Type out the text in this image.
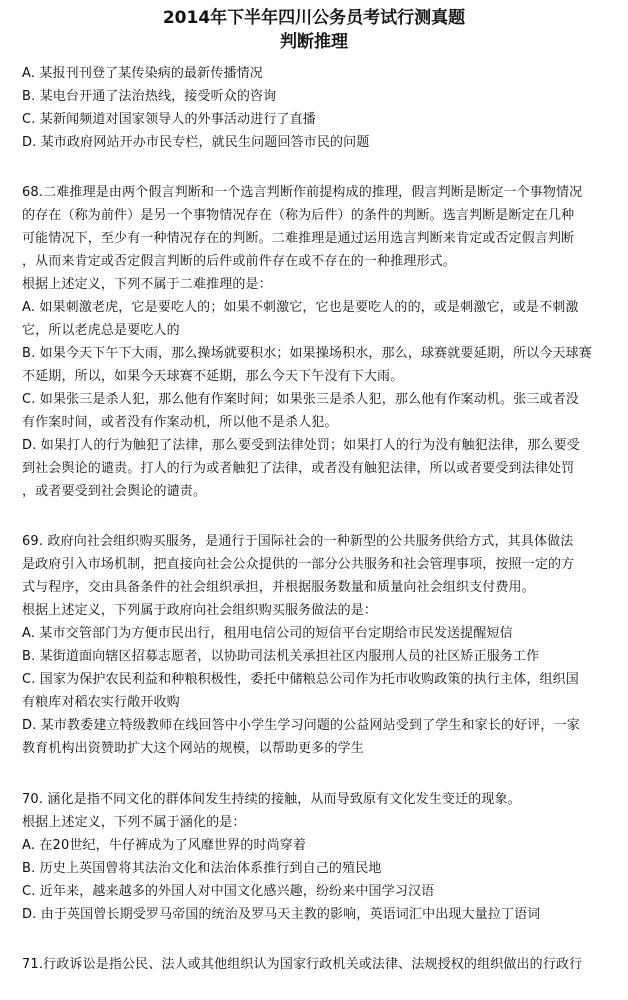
2014年下半年四川公务员考试行测真题
判断推理
A. 某报刊刊登了某传染病的最新传播情况
B. 某电台开通了法治热线，接受听众的咨询
C. 某新闻频道对国家领导人的外事活动进行了直播
D. 某市政府网站开办市民专栏，就民生问题回答市民的问题
68.二难推理是由两个假言判断和一个选言判断作前提构成的推理，假言判断是断定一个事物情况
的存在（称为前件）是另一个事物情况存在（称为后件）的条件的判断。选言判断是断定在几种
可能情况下，至少有一种情况存在的判断。二难推理是通过运用选言判断来肯定或否定假言判断
，从而来肯定或否定假言判断的后件或前件存在或不存在的一种推理形式。
根据上述定义，下列不属于二难推理的是：
A. 如果刺激老虎，它是要吃人的；如果不刺激它，它也是要吃人的的，或是刺激它，或是不刺激
它，所以老虎总是要吃人的
B. 如果今天下午下大雨，那么操场就要积水；如果操场积水，那么，球赛就要延期，所以今天球赛
不延期，所以，如果今天球赛不延期，那么今天下午没有下大雨。
C. 如果张三是杀人犯，那么他有作案时间；如果张三是杀人犯，那么他有作案动机。张三或者没
有作案时间，或者没有作案动机，所以他不是杀人犯。
D. 如果打人的行为触犯了法律，那么要受到法律处罚；如果打人的行为没有触犯法律，那么要受
到社会舆论的谴责。打人的行为或者触犯了法律，或者没有触犯法律，所以或者要受到法律处罚
，或者要受到社会舆论的谴责。
69. 政府向社会组织购买服务，是通行于国际社会的一种新型的公共服务供给方式，其具体做法
是政府引入市场机制，把直接向社会公众提供的一部分公共服务和社会管理事项，按照一定的方
式与程序，交由具备条件的社会组织承担，并根据服务数量和质量向社会组织支付费用。
根据上述定义，下列属于政府向社会组织购买服务做法的是：
A. 某市交管部门为方便市民出行，租用电信公司的短信平台定期给市民发送提醒短信
B. 某街道面向辖区招募志愿者，以协助司法机关承担社区内服刑人员的社区矫正服务工作
C. 国家为保护农民利益和种粮积极性，委托中储粮总公司作为托市收购政策的执行主体，组织国
有粮库对稻农实行敞开收购
D. 某市教委建立特级教师在线回答中小学生学习问题的公益网站受到了学生和家长的好评，一家
教育机构出资赞助扩大这个网站的规模，以帮助更多的学生
70. 涵化是指不同文化的群体间发生持续的接触，从而导致原有文化发生变迁的现象。
根据上述定义，下列不属于涵化的是：
A. 在20世纪，牛仔裤成为了风靡世界的时尚穿着
B. 历史上英国曾将其法治文化和法治体系推行到自己的殖民地
C. 近年来，越来越多的外国人对中国文化感兴趣，纷纷来中国学习汉语
D. 由于英国曾长期受罗马帝国的统治及罗马天主教的影响，英语词汇中出现大量拉丁语词
71.行政诉讼是指公民、法人或其他组织认为国家行政机关或法律、法规授权的组织做出的行政行
